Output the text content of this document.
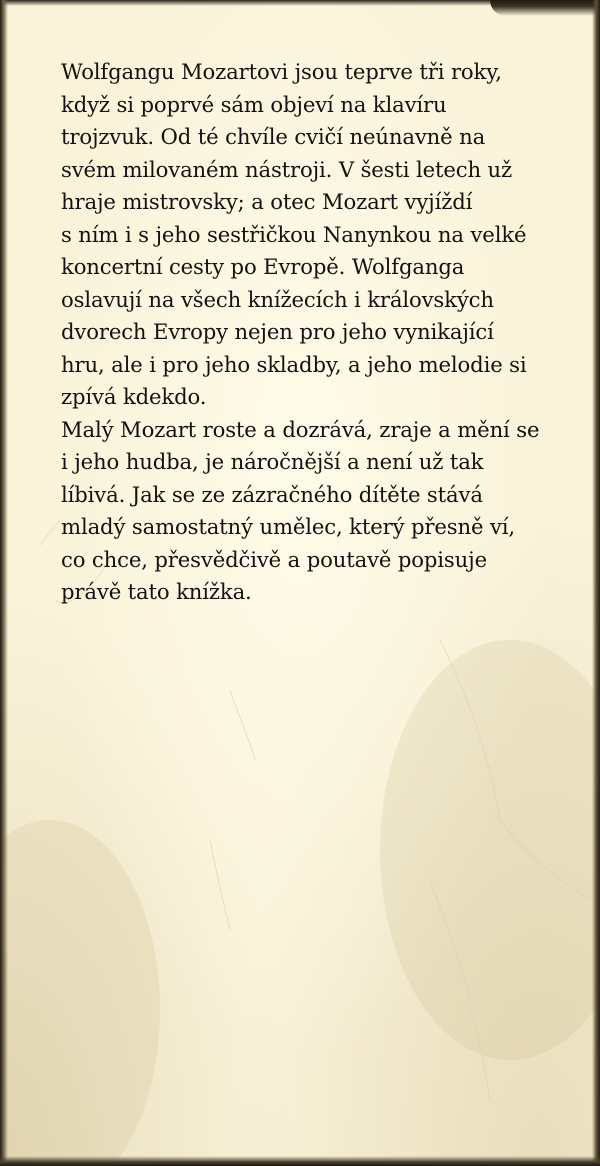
Wolfgangu Mozartovi jsou teprve tři roky,
když si poprvé sám objeví na klavíru
trojzvuk. Od té chvíle cvičí neúnavně na
svém milovaném nástroji. V šesti letech už
hraje mistrovsky; a otec Mozart vyjíždí
s ním i s jeho sestřičkou Nanynkou na velké
koncertní cesty po Evropě. Wolfganga
oslavují na všech knížecích i královských
dvorech Evropy nejen pro jeho vynikající
hru, ale i pro jeho skladby, a jeho melodie si
zpívá kdekdo.
Malý Mozart roste a dozrává, zraje a mění se
i jeho hudba, je náročnější a není už tak
líbivá. Jak se ze zázračného dítěte stává
mladý samostatný umělec, který přesně ví,
co chce, přesvědčivě a poutavě popisuje
právě tato knížka.
